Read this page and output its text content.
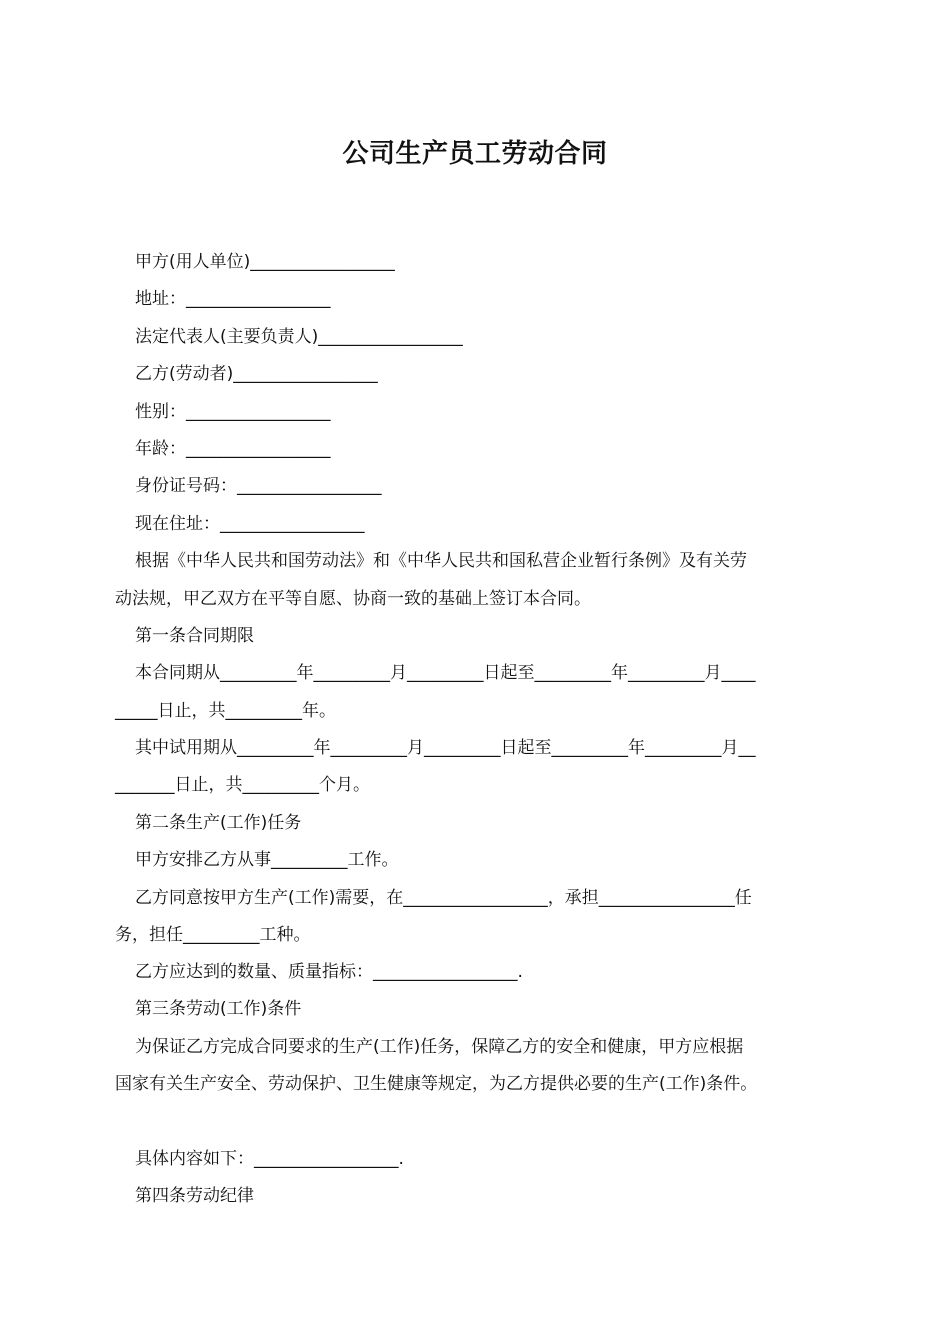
公司生产员工劳动合同
甲方(用人单位)_________________
地址：_________________
法定代表人(主要负责人)_________________
乙方(劳动者)_________________
性别：_________________
年龄：_________________
身份证号码：_________________
现在住址：_________________
根据《中华人民共和国劳动法》和《中华人民共和国私营企业暂行条例》及有关劳
动法规，甲乙双方在平等自愿、协商一致的基础上签订本合同。
第一条合同期限
本合同期从_________年_________月_________日起至_________年_________月____
_____日止，共_________年。
其中试用期从_________年_________月_________日起至_________年_________月__
_______日止，共_________个月。
第二条生产(工作)任务
甲方安排乙方从事_________工作。
乙方同意按甲方生产(工作)需要，在_________________，承担________________任
务，担任_________工种。
乙方应达到的数量、质量指标：_________________.
第三条劳动(工作)条件
为保证乙方完成合同要求的生产(工作)任务，保障乙方的安全和健康，甲方应根据
国家有关生产安全、劳动保护、卫生健康等规定，为乙方提供必要的生产(工作)条件。
具体内容如下：_________________.
第四条劳动纪律
